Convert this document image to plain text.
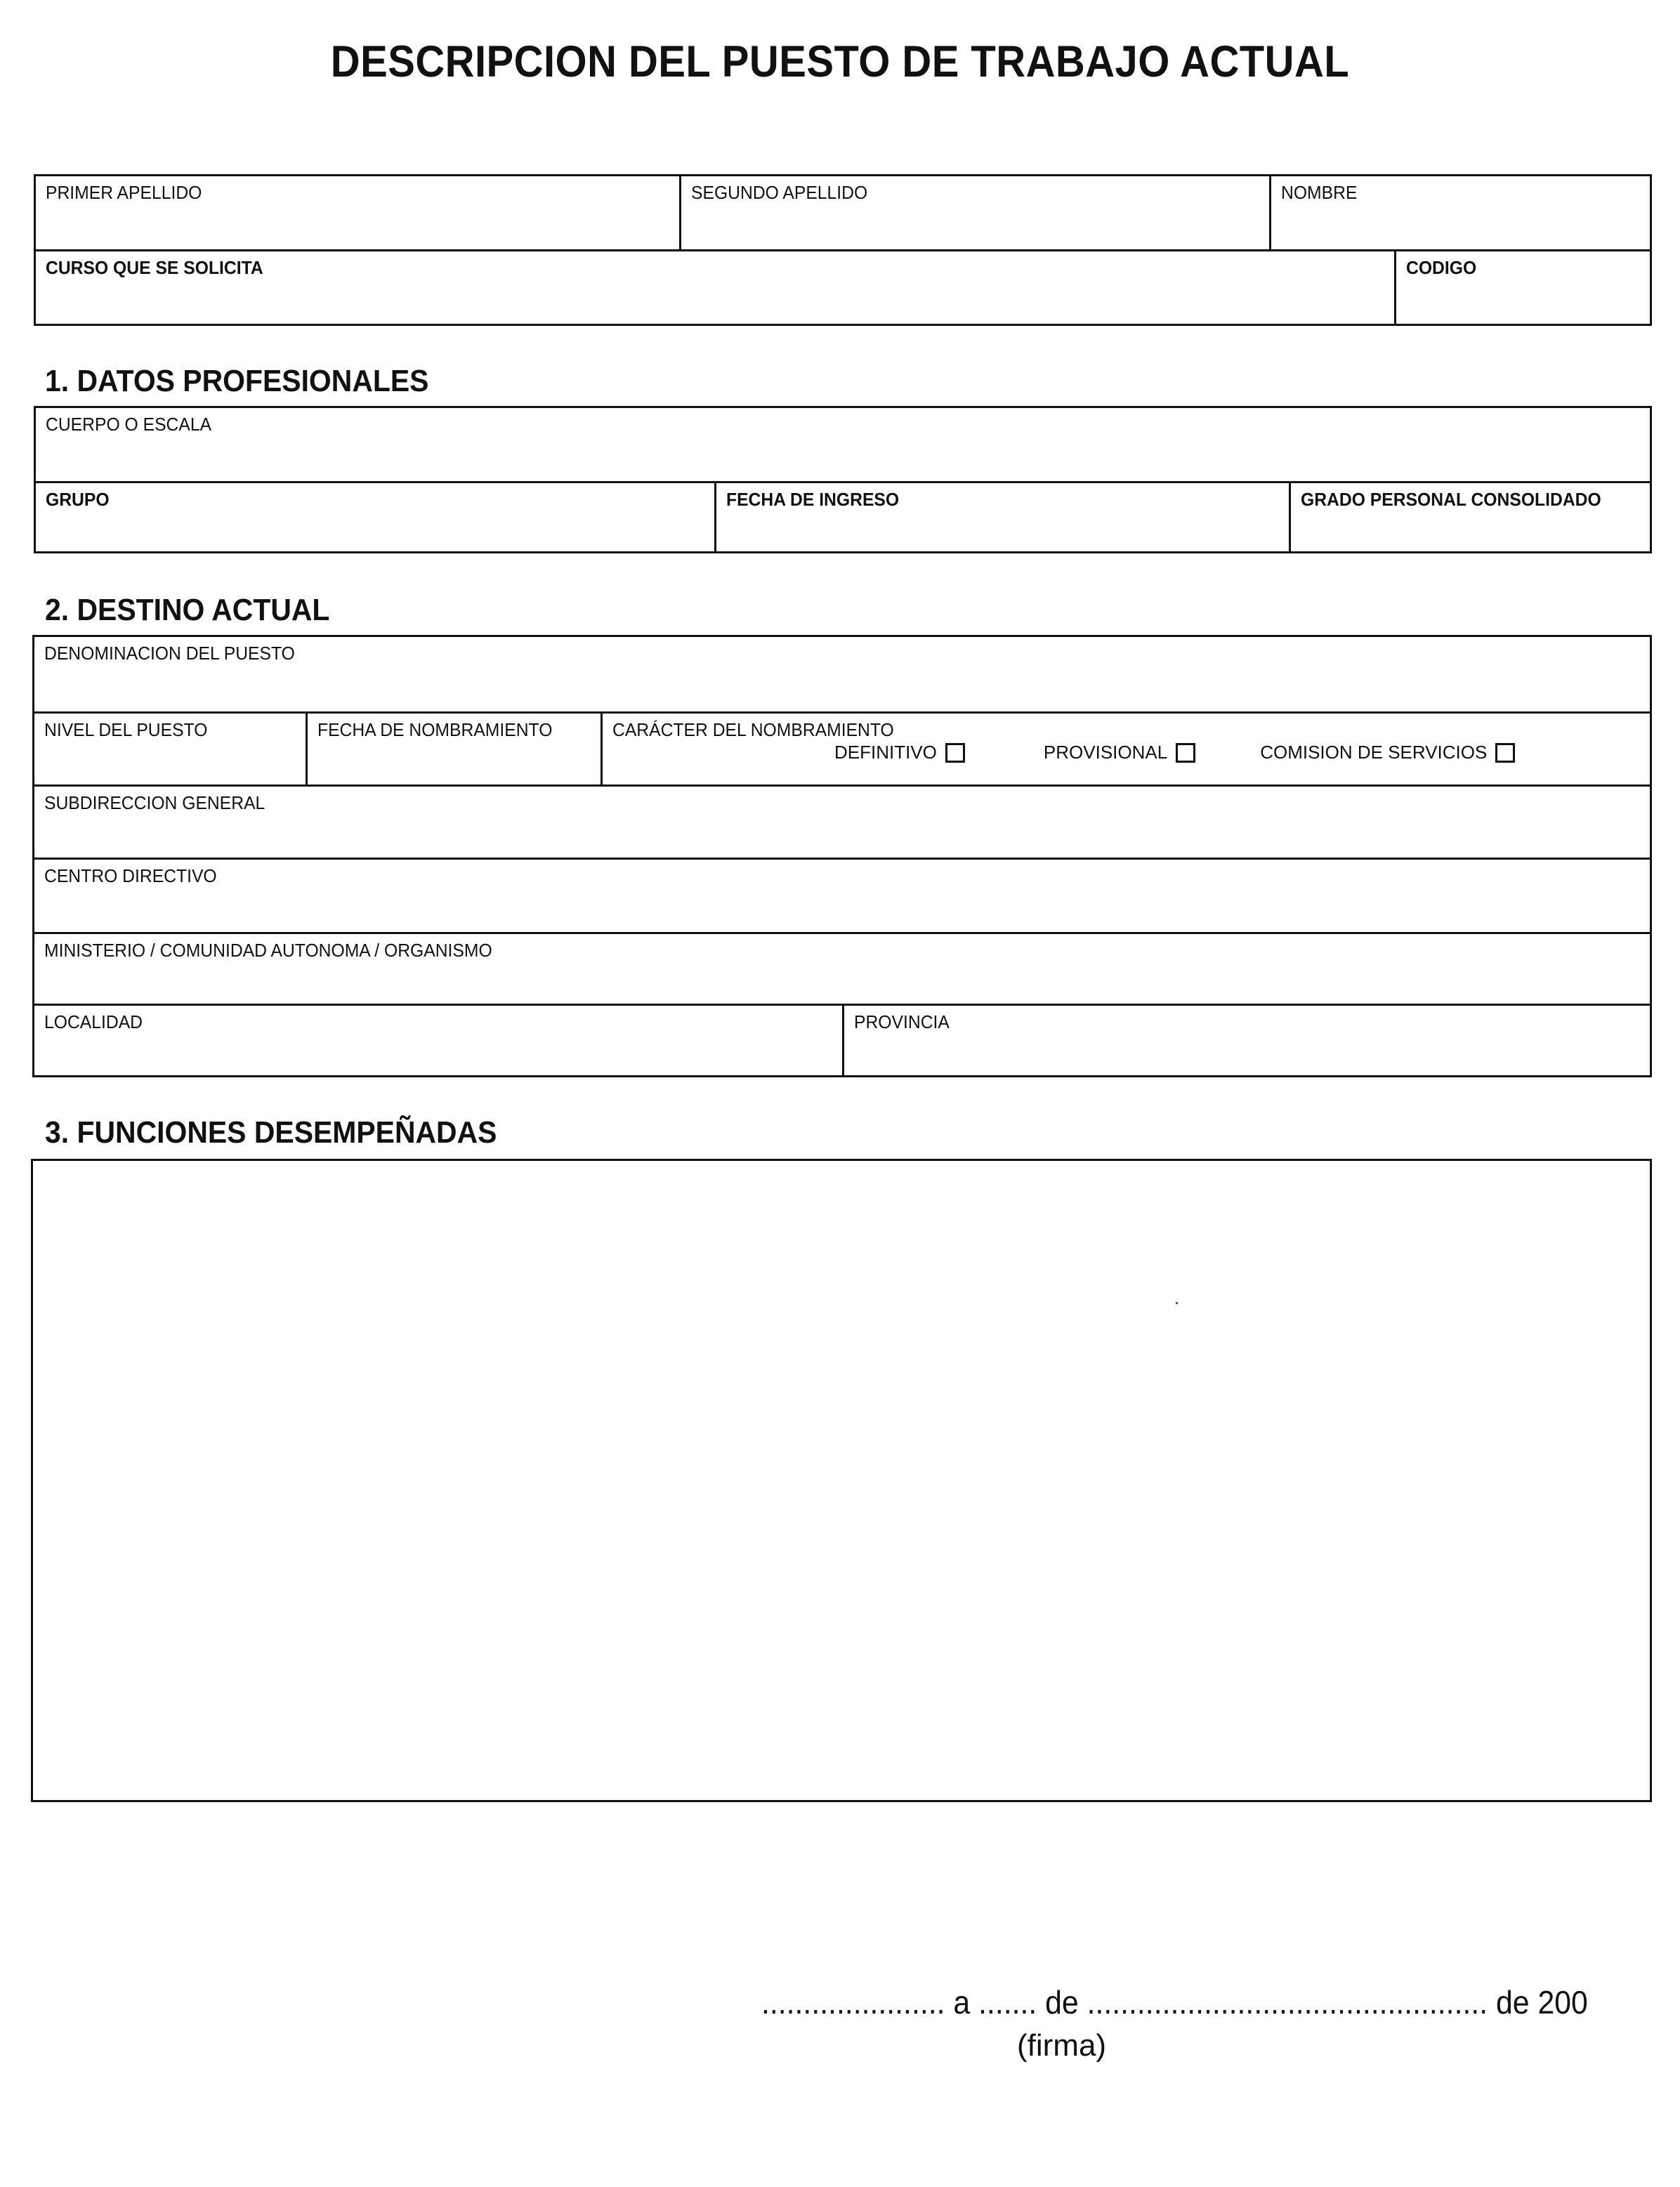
DESCRIPCION DEL PUESTO DE TRABAJO ACTUAL
PRIMER APELLIDO	SEGUNDO APELLIDO	NOMBRE
CURSO QUE SE SOLICITA	CODIGO
1. DATOS PROFESIONALES
CUERPO O ESCALA
GRUPO	FECHA DE INGRESO	GRADO PERSONAL CONSOLIDADO
2. DESTINO ACTUAL
DENOMINACION DEL PUESTO
NIVEL DEL PUESTO	FECHA DE NOMBRAMIENTO	CARÁCTER DEL NOMBRAMIENTO
DEFINITIVO	PROVISIONAL	COMISION DE SERVICIOS
SUBDIRECCION GENERAL
CENTRO DIRECTIVO
MINISTERIO / COMUNIDAD AUTONOMA / ORGANISMO
LOCALIDAD	PROVINCIA
3. FUNCIONES DESEMPEÑADAS
...................... a ....... de ................................................ de 200
(firma)
